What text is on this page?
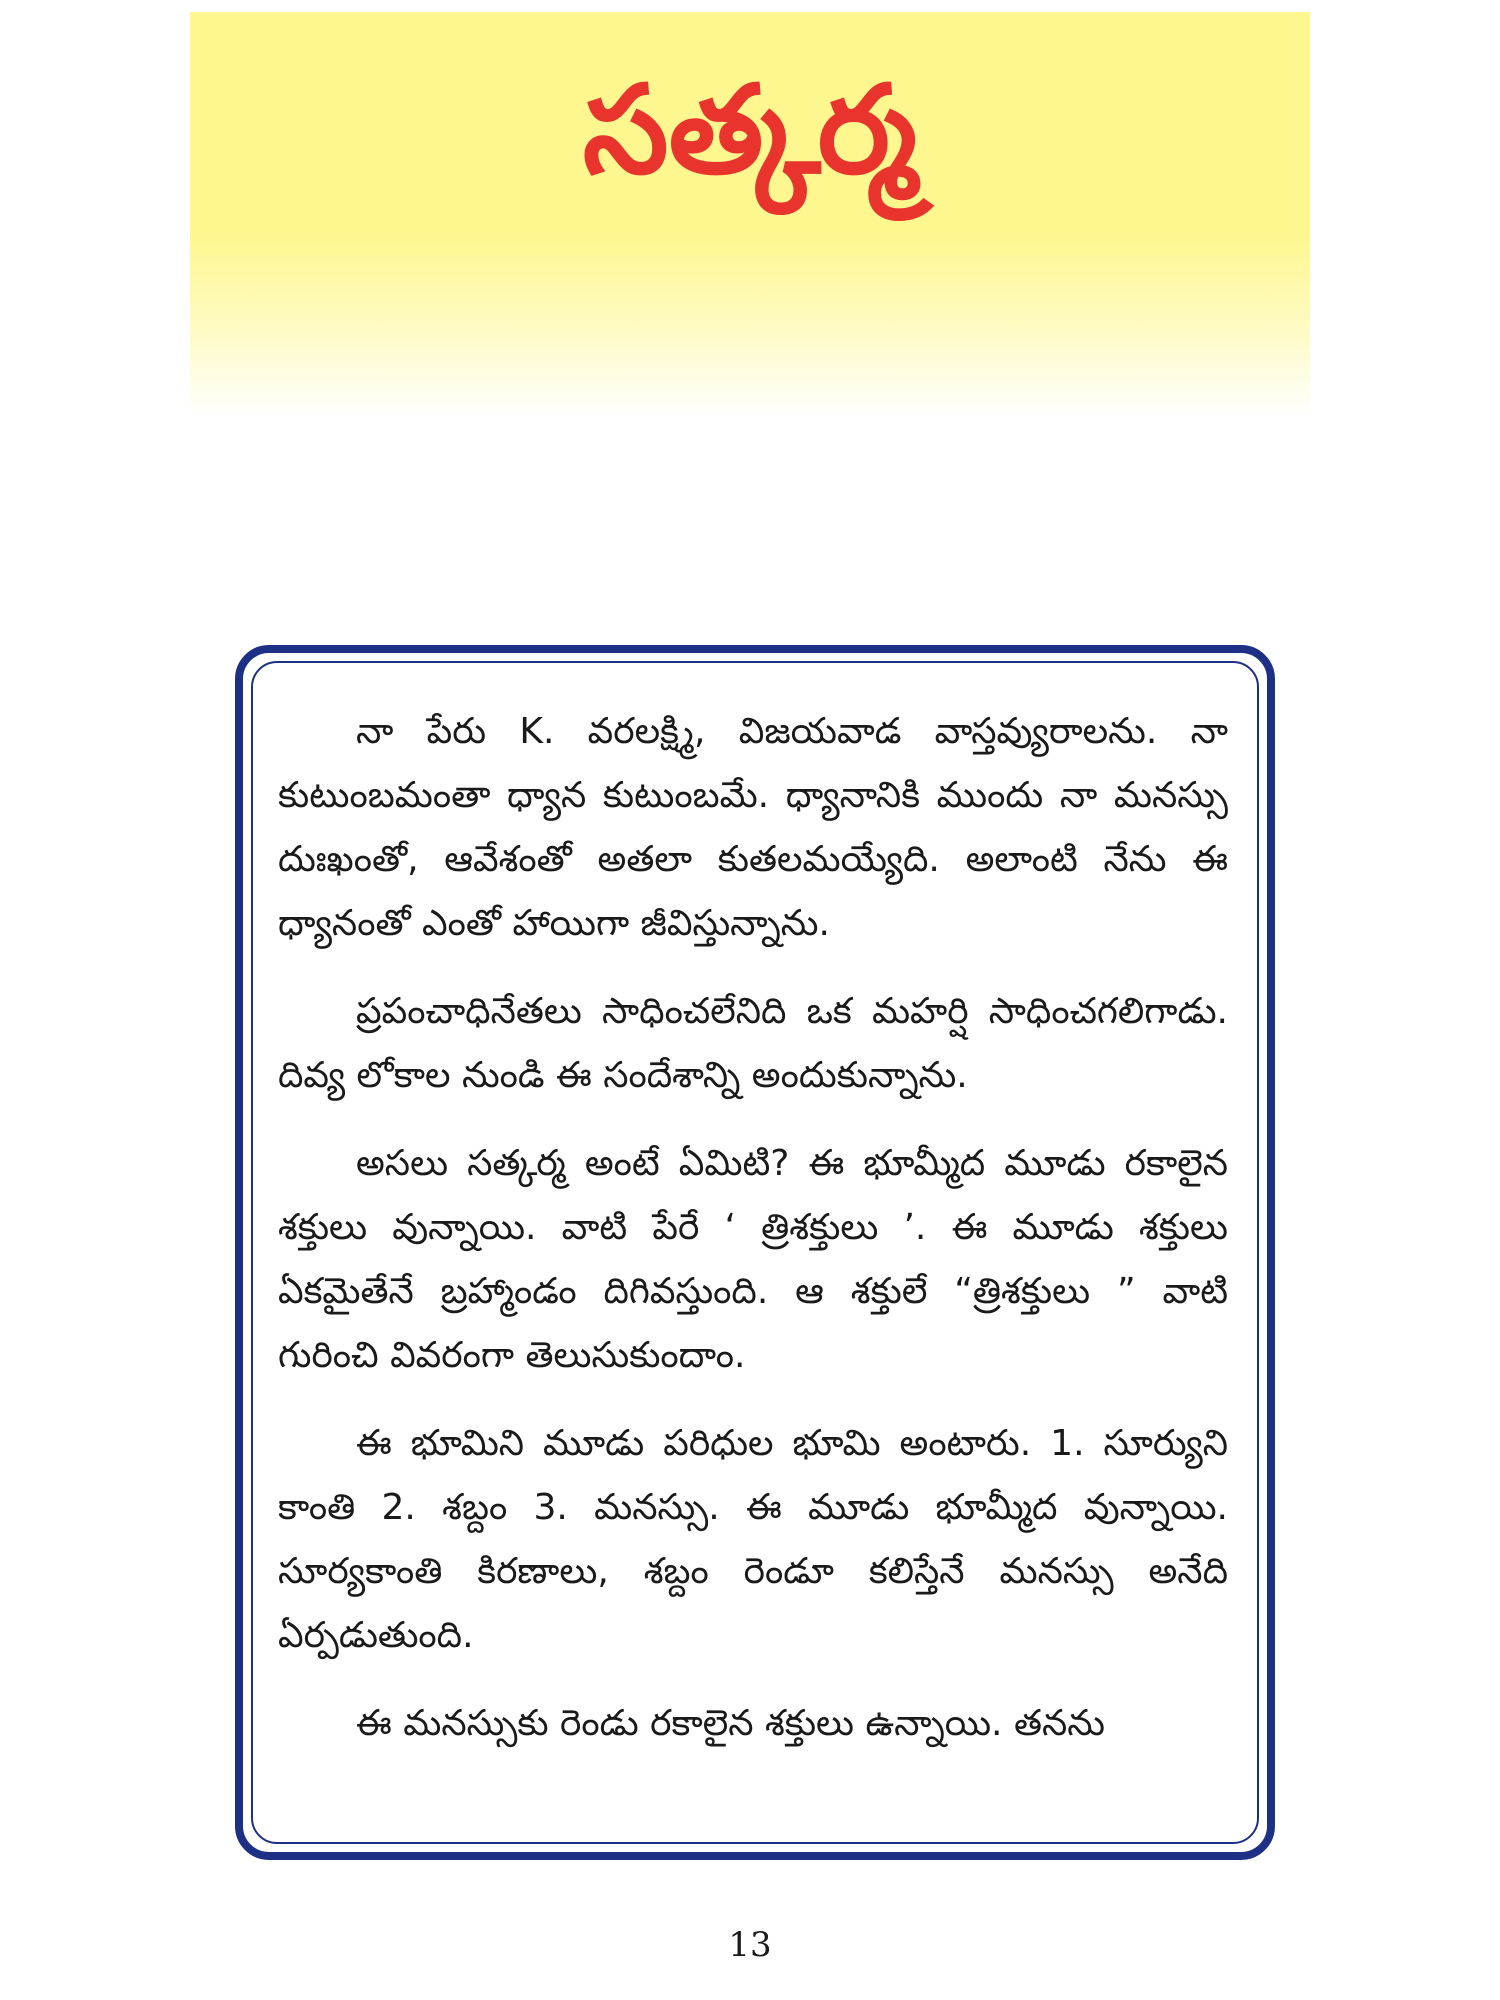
సత్కర్మ

నా పేరు K. వరలక్ష్మి, విజయవాడ వాస్తవ్యురాలను. నా కుటుంబమంతా ధ్యాన కుటుంబమే. ధ్యానానికి ముందు నా మనస్సు దుఃఖంతో, ఆవేశంతో అతలా కుతలమయ్యేది. అలాంటి నేను ఈ ధ్యానంతో ఎంతో హాయిగా జీవిస్తున్నాను.

ప్రపంచాధినేతలు సాధించలేనిది ఒక మహర్షి సాధించగలిగాడు. దివ్య లోకాల నుండి ఈ సందేశాన్ని అందుకున్నాను.

అసలు సత్కర్మ అంటే ఏమిటి? ఈ భూమ్మీద మూడు రకాలైన శక్తులు వున్నాయి. వాటి పేరే ‘ త్రిశక్తులు ’. ఈ మూడు శక్తులు ఏకమైతేనే బ్రహ్మాండం దిగివస్తుంది. ఆ శక్తులే “త్రిశక్తులు ” వాటి గురించి వివరంగా తెలుసుకుందాం.

ఈ భూమిని మూడు పరిధుల భూమి అంటారు. 1. సూర్యుని కాంతి 2. శబ్దం 3. మనస్సు. ఈ మూడు భూమ్మీద వున్నాయి. సూర్యకాంతి కిరణాలు, శబ్దం రెండూ కలిస్తేనే మనస్సు అనేది ఏర్పడుతుంది.

ఈ మనస్సుకు రెండు రకాలైన శక్తులు ఉన్నాయి. తనను

13
